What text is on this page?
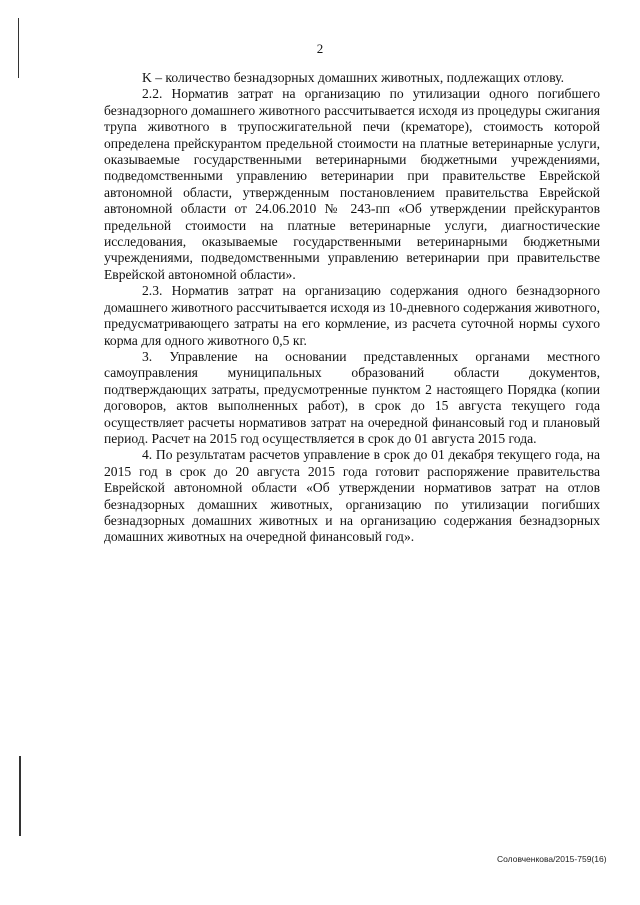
2

K – количество безнадзорных домашних животных, подлежащих отлову.

2.2. Норматив затрат на организацию по утилизации одного погибшего безнадзорного домашнего животного рассчитывается исходя из процедуры сжигания трупа животного в трупосжигательной печи (крематоре), стоимость которой определена прейскурантом предельной стоимости на платные ветеринарные услуги, оказываемые государственными ветеринарными бюджетными учреждениями, подведомственными управлению ветеринарии при правительстве Еврейской автономной области, утвержденным постановлением правительства Еврейской автономной области от 24.06.2010 № 243-пп «Об утверждении прейскурантов предельной стоимости на платные ветеринарные услуги, диагностические исследования, оказываемые государственными ветеринарными бюджетными учреждениями, подведомственными управлению ветеринарии при правительстве Еврейской автономной области».

2.3. Норматив затрат на организацию содержания одного безнадзорного домашнего животного рассчитывается исходя из 10-дневного содержания животного, предусматривающего затраты на его кормление, из расчета суточной нормы сухого корма для одного животного 0,5 кг.

3. Управление на основании представленных органами местного самоуправления муниципальных образований области документов, подтверждающих затраты, предусмотренные пунктом 2 настоящего Порядка (копии договоров, актов выполненных работ), в срок до 15 августа текущего года осуществляет расчеты нормативов затрат на очередной финансовый год и плановый период. Расчет на 2015 год осуществляется в срок до 01 августа 2015 года.

4. По результатам расчетов управление в срок до 01 декабря текущего года, на 2015 год в срок до 20 августа 2015 года готовит распоряжение правительства Еврейской автономной области «Об утверждении нормативов затрат на отлов безнадзорных домашних животных, организацию по утилизации погибших безнадзорных домашних животных и на организацию содержания безнадзорных домашних животных на очередной финансовый год».

Соловченкова/2015-759(16)
